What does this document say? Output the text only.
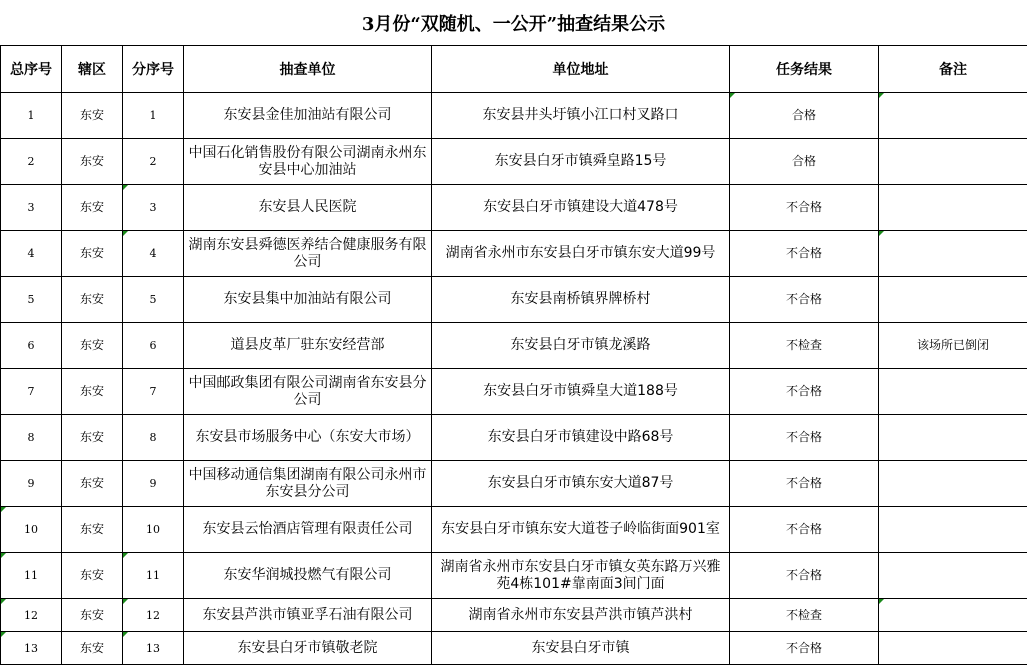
3月份“双随机、一公开”抽查结果公示
总序号	辖区	分序号	抽查单位	单位地址	任务结果	备注
1	东安	1	东安县金佳加油站有限公司	东安县井头圩镇小江口村叉路口	合格	
2	东安	2	中国石化销售股份有限公司湖南永州东安县中心加油站	东安县白牙市镇舜皇路15号	合格	
3	东安	3	东安县人民医院	东安县白牙市镇建设大道478号	不合格	
4	东安	4	湖南东安县舜德医养结合健康服务有限公司	湖南省永州市东安县白牙市镇东安大道99号	不合格	
5	东安	5	东安县集中加油站有限公司	东安县南桥镇界牌桥村	不合格	
6	东安	6	道县皮革厂驻东安经营部	东安县白牙市镇龙溪路	不检查	该场所已倒闭
7	东安	7	中国邮政集团有限公司湖南省东安县分公司	东安县白牙市镇舜皇大道188号	不合格	
8	东安	8	东安县市场服务中心（东安大市场）	东安县白牙市镇建设中路68号	不合格	
9	东安	9	中国移动通信集团湖南有限公司永州市东安县分公司	东安县白牙市镇东安大道87号	不合格	
10	东安	10	东安县云怡酒店管理有限责任公司	东安县白牙市镇东安大道苍子岭临街面901室	不合格	
11	东安	11	东安华润城投燃气有限公司	湖南省永州市东安县白牙市镇女英东路万兴雅苑4栋101#靠南面3间门面	不合格	
12	东安	12	东安县芦洪市镇亚孚石油有限公司	湖南省永州市东安县芦洪市镇芦洪村	不检查	
13	东安	13	东安县白牙市镇敬老院	东安县白牙市镇	不合格	
